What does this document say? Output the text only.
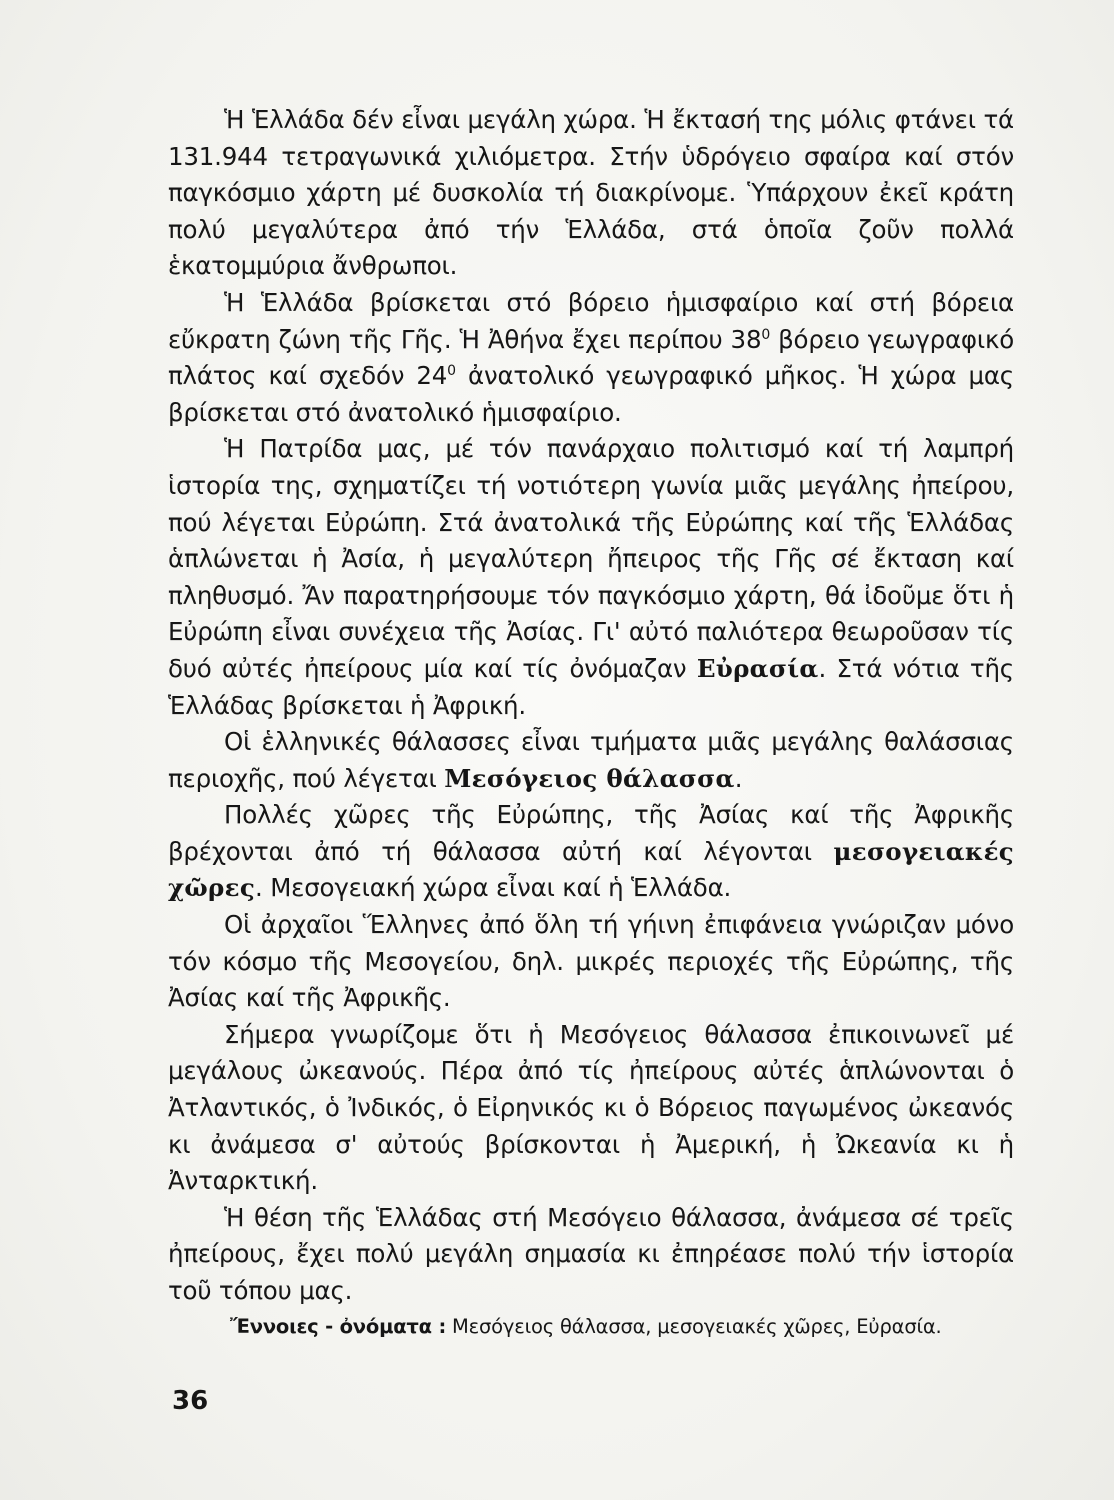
Ἡ Ἑλλάδα δέν εἶναι μεγάλη χώρα. Ἡ ἔκτασή της μόλις φτάνει τά 131.944 τετραγωνικά χιλιόμετρα. Στήν ὑδρόγειο σφαίρα καί στόν παγκόσμιο χάρτη μέ δυσκολία τή διακρίνομε. Ὑπάρχουν ἐκεῖ κράτη πολύ μεγαλύτερα ἀπό τήν Ἑλλάδα, στά ὁποῖα ζοῦν πολλά ἑκατομμύρια ἄνθρωποι.

Ἡ Ἑλλάδα βρίσκεται στό βόρειο ἡμισφαίριο καί στή βόρεια εὔκρατη ζώνη τῆς Γῆς. Ἡ Ἀθήνα ἔχει περίπου $38^0$ βόρειο γεωγραφικό πλάτος καί σχεδόν $24^0$ ἀνατολικό γεωγραφικό μῆκος. Ἡ χώρα μας βρίσκεται στό ἀνατολικό ἡμισφαίριο.

Ἡ Πατρίδα μας, μέ τόν πανάρχαιο πολιτισμό καί τή λαμπρή ἱστορία της, σχηματίζει τή νοτιότερη γωνία μιᾶς μεγάλης ἠπείρου, πού λέγεται Εὐρώπη. Στά ἀνατολικά τῆς Εὐρώπης καί τῆς Ἑλλάδας ἁπλώνεται ἡ Ἀσία, ἡ μεγαλύτερη ἤπειρος τῆς Γῆς σέ ἔκταση καί πληθυσμό. Ἄν παρατηρήσουμε τόν παγκόσμιο χάρτη, θά ἰδοῦμε ὅτι ἡ Εὐρώπη εἶναι συνέχεια τῆς Ἀσίας. Γι' αὐτό παλιότερα θεωροῦσαν τίς δυό αὐτές ἠπείρους μία καί τίς ὀνόμαζαν Εὐρασία. Στά νότια τῆς Ἑλλάδας βρίσκεται ἡ Ἀφρική.

Οἱ ἑλληνικές θάλασσες εἶναι τμήματα μιᾶς μεγάλης θαλάσσιας περιοχῆς, πού λέγεται Μεσόγειος θάλασσα.

Πολλές χῶρες τῆς Εὐρώπης, τῆς Ἀσίας καί τῆς Ἀφρικῆς βρέχονται ἀπό τή θάλασσα αὐτή καί λέγονται μεσογειακές χῶρες. Μεσογειακή χώρα εἶναι καί ἡ Ἑλλάδα.

Οἱ ἀρχαῖοι Ἕλληνες ἀπό ὅλη τή γήινη ἐπιφάνεια γνώριζαν μόνο τόν κόσμο τῆς Μεσογείου, δηλ. μικρές περιοχές τῆς Εὐρώπης, τῆς Ἀσίας καί τῆς Ἀφρικῆς.

Σήμερα γνωρίζομε ὅτι ἡ Μεσόγειος θάλασσα ἐπικοινωνεῖ μέ μεγάλους ὠκεανούς. Πέρα ἀπό τίς ἠπείρους αὐτές ἁπλώνονται ὁ Ἀτλαντικός, ὁ Ἰνδικός, ὁ Εἰρηνικός κι ὁ Βόρειος παγωμένος ὠκεανός κι ἀνάμεσα σ' αὐτούς βρίσκονται ἡ Ἀμερική, ἡ Ὠκεανία κι ἡ Ἀνταρκτική.

Ἡ θέση τῆς Ἑλλάδας στή Μεσόγειο θάλασσα, ἀνάμεσα σέ τρεῖς ἠπείρους, ἔχει πολύ μεγάλη σημασία κι ἐπηρέασε πολύ τήν ἱστορία τοῦ τόπου μας.

Ἔννοιες - ὀνόματα : Μεσόγειος θάλασσα, μεσογειακές χῶρες, Εὐρασία.
36
